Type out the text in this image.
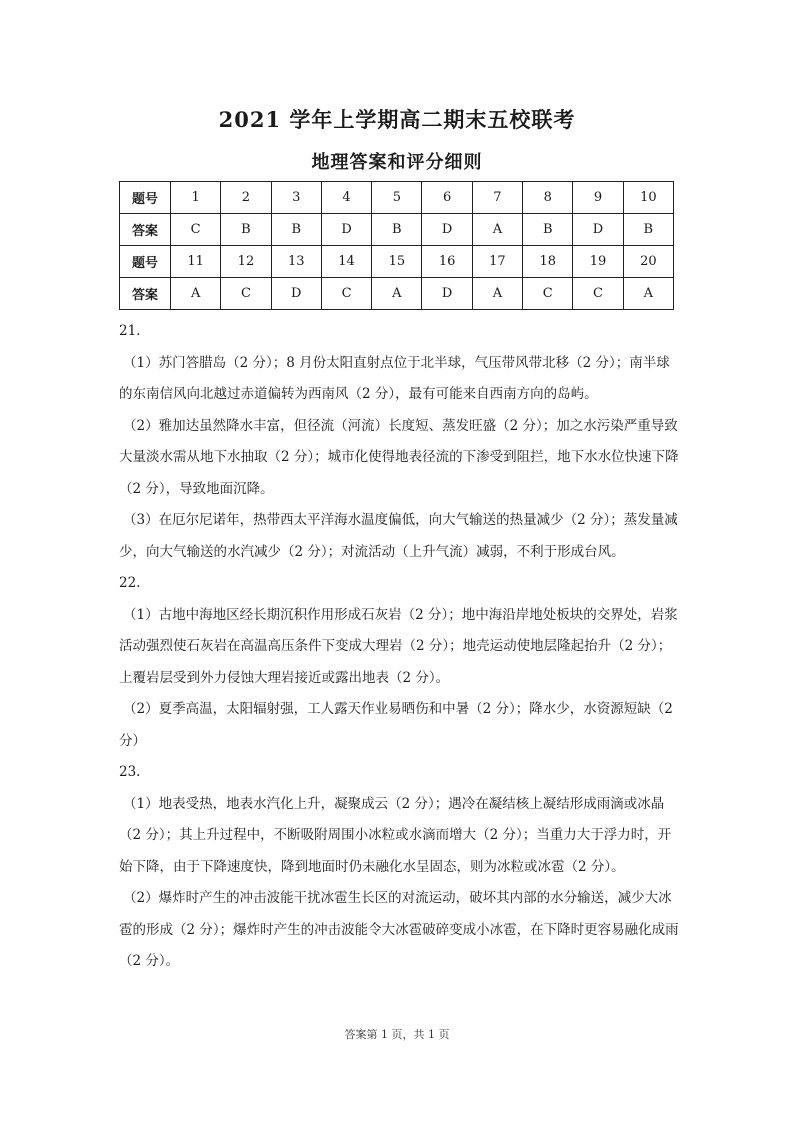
2021 学年上学期高二期末五校联考
地理答案和评分细则
题号	1	2	3	4	5	6	7	8	9	10
答案	C	B	B	D	B	D	A	B	D	B
题号	11	12	13	14	15	16	17	18	19	20
答案	A	C	D	C	A	D	A	C	C	A

21.

（1）苏门答腊岛（2 分）；8 月份太阳直射点位于北半球，气压带风带北移（2 分）；南半球的东南信风向北越过赤道偏转为西南风（2 分），最有可能来自西南方向的岛屿。

（2）雅加达虽然降水丰富，但径流（河流）长度短、蒸发旺盛（2 分）；加之水污染严重导致大量淡水需从地下水抽取（2 分）；城市化使得地表径流的下渗受到阻拦，地下水水位快速下降（2 分），导致地面沉降。

（3）在厄尔尼诺年，热带西太平洋海水温度偏低，向大气输送的热量减少（2 分）；蒸发量减少，向大气输送的水汽减少（2 分）；对流活动（上升气流）减弱，不利于形成台风。

22.

（1）古地中海地区经长期沉积作用形成石灰岩（2 分）；地中海沿岸地处板块的交界处，岩浆活动强烈使石灰岩在高温高压条件下变成大理岩（2 分）；地壳运动使地层隆起抬升（2 分）；上覆岩层受到外力侵蚀大理岩接近或露出地表（2 分）。

（2）夏季高温，太阳辐射强，工人露天作业易晒伤和中暑（2 分）；降水少，水资源短缺（2 分）

23.

（1）地表受热，地表水汽化上升，凝聚成云（2 分）；遇冷在凝结核上凝结形成雨滴或冰晶（2 分）；其上升过程中，不断吸附周围小冰粒或水滴而增大（2 分）；当重力大于浮力时，开始下降，由于下降速度快，降到地面时仍未融化水呈固态，则为冰粒或冰雹（2 分）。

（2）爆炸时产生的冲击波能干扰冰雹生长区的对流运动，破坏其内部的水分输送，减少大冰雹的形成（2 分）；爆炸时产生的冲击波能令大冰雹破碎变成小冰雹，在下降时更容易融化成雨（2 分）。

答案第 1 页，共 1 页
